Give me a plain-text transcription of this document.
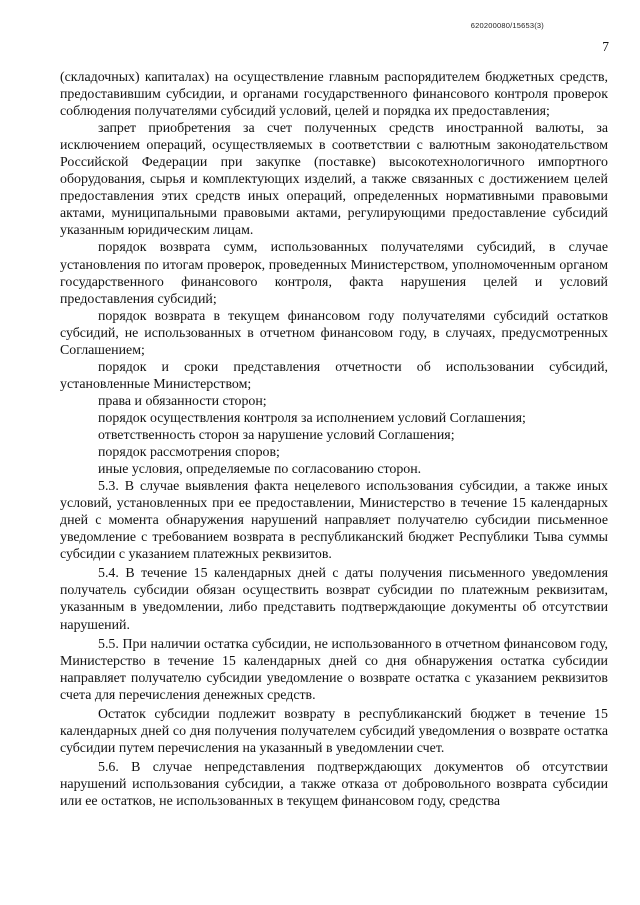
620200080/15653(3)
7

(складочных) капиталах) на осуществление главным распорядителем бюджетных средств, предоставившим субсидии, и органами государственного финансового контроля проверок соблюдения получателями субсидий условий, целей и порядка их предоставления;

запрет приобретения за счет полученных средств иностранной валюты, за исключением операций, осуществляемых в соответствии с валютным законодательством Российской Федерации при закупке (поставке) высокотехнологичного импортного оборудования, сырья и комплектующих изделий, а также связанных с достижением целей предоставления этих средств иных операций, определенных нормативными правовыми актами, муниципальными правовыми актами, регулирующими предоставление субсидий указанным юридическим лицам.

порядок возврата сумм, использованных получателями субсидий, в случае установления по итогам проверок, проведенных Министерством, уполномоченным органом государственного финансового контроля, факта нарушения целей и условий предоставления субсидий;

порядок возврата в текущем финансовом году получателями субсидий остатков субсидий, не использованных в отчетном финансовом году, в случаях, предусмотренных Соглашением;

порядок и сроки представления отчетности об использовании субсидий, установленные Министерством;

права и обязанности сторон;

порядок осуществления контроля за исполнением условий Соглашения;

ответственность сторон за нарушение условий Соглашения;

порядок рассмотрения споров;

иные условия, определяемые по согласованию сторон.

5.3. В случае выявления факта нецелевого использования субсидии, а также иных условий, установленных при ее предоставлении, Министерство в течение 15 календарных дней с момента обнаружения нарушений направляет получателю субсидии письменное уведомление с требованием возврата в республиканский бюджет Республики Тыва суммы субсидии с указанием платежных реквизитов.

5.4. В течение 15 календарных дней с даты получения письменного уведомления получатель субсидии обязан осуществить возврат субсидии по платежным реквизитам, указанным в уведомлении, либо представить подтверждающие документы об отсутствии нарушений.

5.5. При наличии остатка субсидии, не использованного в отчетном финансовом году, Министерство в течение 15 календарных дней со дня обнаружения остатка субсидии направляет получателю субсидии уведомление о возврате остатка с указанием реквизитов счета для перечисления денежных средств.

Остаток субсидии подлежит возврату в республиканский бюджет в течение 15 календарных дней со дня получения получателем субсидий уведомления о возврате остатка субсидии путем перечисления на указанный в уведомлении счет.

5.6. В случае непредставления подтверждающих документов об отсутствии нарушений использования субсидии, а также отказа от добровольного возврата субсидии или ее остатков, не использованных в текущем финансовом году, средства
